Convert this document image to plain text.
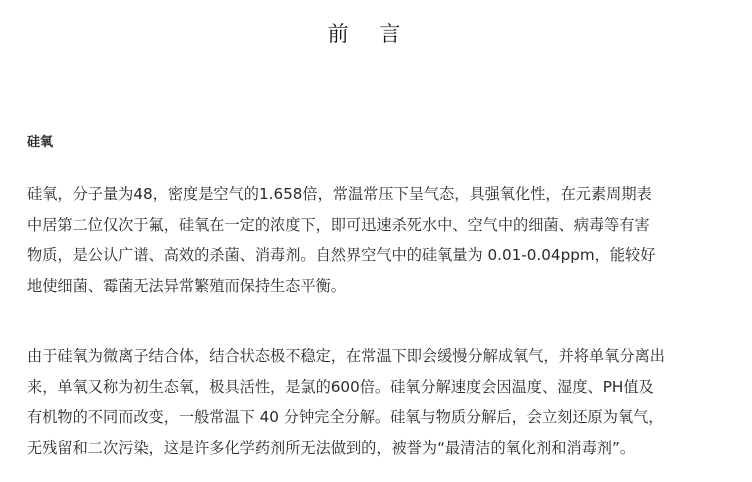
前 言
硅氧

硅氧，分子量为48，密度是空气的1.658倍，常温常压下呈气态，具强氧化性，在元素周期表
中居第二位仅次于氟，硅氧在一定的浓度下，即可迅速杀死水中、空气中的细菌、病毒等有害
物质，是公认广谱、高效的杀菌、消毒剂。自然界空气中的硅氧量为 0.01-0.04ppm，能较好
地使细菌、霉菌无法异常繁殖而保持生态平衡。

由于硅氧为微离子结合体，结合状态极不稳定，在常温下即会缓慢分解成氧气，并将单氧分离出
来，单氧又称为初生态氧，极具活性，是氯的600倍。硅氧分解速度会因温度、湿度、PH值及
有机物的不同而改变，一般常温下 40 分钟完全分解。硅氧与物质分解后，会立刻还原为氧气，
无残留和二次污染，这是许多化学药剂所无法做到的，被誉为“最清洁的氧化剂和消毒剂”。
